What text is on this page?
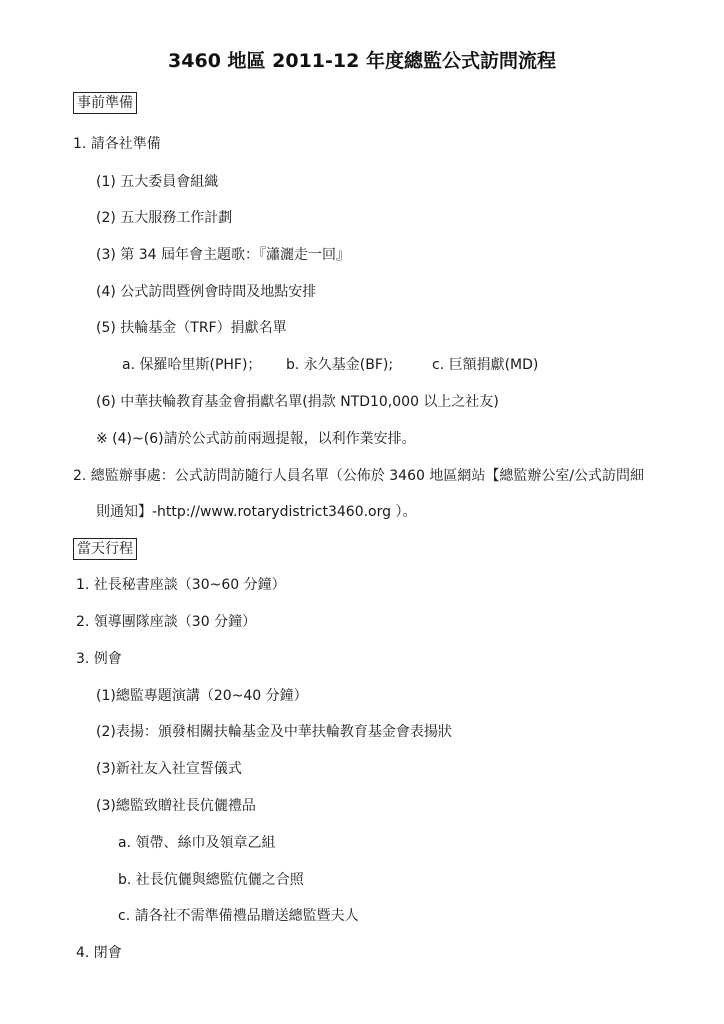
3460 地區 2011-12 年度總監公式訪問流程
事前準備
1. 請各社準備
(1) 五大委員會組織
(2) 五大服務工作計劃
(3) 第 34 屆年會主題歌：『瀟灑走一回』
(4) 公式訪問暨例會時間及地點安排
(5) 扶輪基金（TRF）捐獻名單
a. 保羅哈里斯(PHF)； b. 永久基金(BF);	c. 巨額捐獻(MD)
(6) 中華扶輪教育基金會捐獻名單(捐款 NTD10,000 以上之社友)
※ (4)~(6)請於公式訪前兩週提報，以利作業安排。
2. 總監辦事處：公式訪問訪隨行人員名單（公佈於 3460 地區網站【總監辦公室/公式訪問細
則通知】-http://www.rotarydistrict3460.org ）。
當天行程
1. 社長秘書座談（30~60 分鐘）
2. 領導團隊座談（30 分鐘）
3. 例會
(1)總監專題演講（20~40 分鐘）
(2)表揚：頒發相關扶輪基金及中華扶輪教育基金會表揚狀
(3)新社友入社宣誓儀式
(3)總監致贈社長伉儷禮品
a. 領帶、絲巾及領章乙組
b. 社長伉儷與總監伉儷之合照
c. 請各社不需準備禮品贈送總監暨夫人
4. 閉會
